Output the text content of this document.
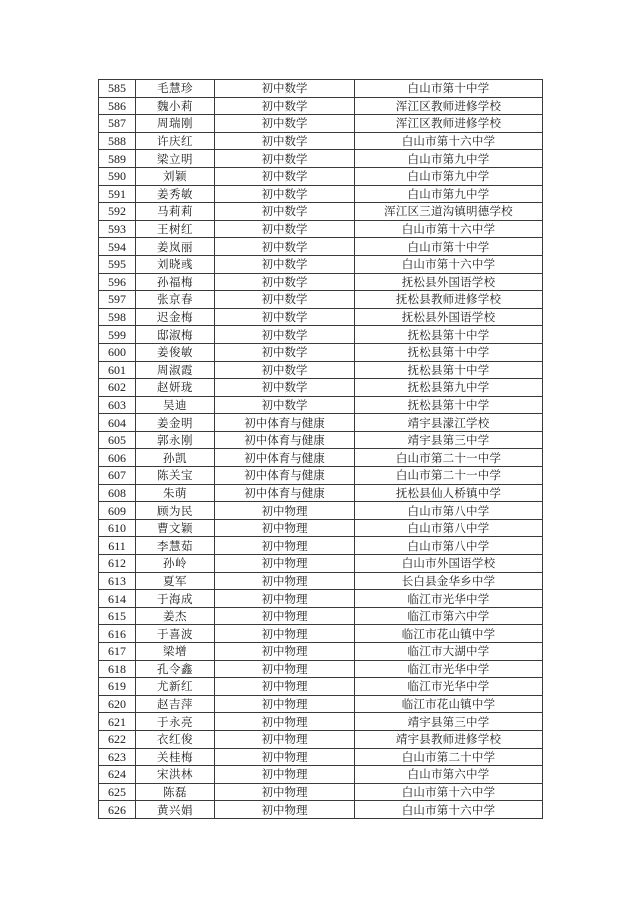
585	毛慧珍	初中数学	白山市第十中学
586	魏小莉	初中数学	浑江区教师进修学校
587	周瑞刚	初中数学	浑江区教师进修学校
588	许庆红	初中数学	白山市第十六中学
589	梁立明	初中数学	白山市第九中学
590	刘颖	初中数学	白山市第九中学
591	姜秀敏	初中数学	白山市第九中学
592	马莉莉	初中数学	浑江区三道沟镇明德学校
593	王树红	初中数学	白山市第十六中学
594	姜岚丽	初中数学	白山市第十中学
595	刘晓彧	初中数学	白山市第十六中学
596	孙福梅	初中数学	抚松县外国语学校
597	张京春	初中数学	抚松县教师进修学校
598	迟金梅	初中数学	抚松县外国语学校
599	邸淑梅	初中数学	抚松县第十中学
600	姜俊敏	初中数学	抚松县第十中学
601	周淑霞	初中数学	抚松县第十中学
602	赵妍珑	初中数学	抚松县第九中学
603	吴迪	初中数学	抚松县第十中学
604	姜金明	初中体育与健康	靖宇县濛江学校
605	郭永刚	初中体育与健康	靖宇县第三中学
606	孙凯	初中体育与健康	白山市第二十一中学
607	陈关宝	初中体育与健康	白山市第二十一中学
608	朱萌	初中体育与健康	抚松县仙人桥镇中学
609	顾为民	初中物理	白山市第八中学
610	曹文颖	初中物理	白山市第八中学
611	李慧茹	初中物理	白山市第八中学
612	孙岭	初中物理	白山市外国语学校
613	夏军	初中物理	长白县金华乡中学
614	于海成	初中物理	临江市光华中学
615	姜杰	初中物理	临江市第六中学
616	于喜波	初中物理	临江市花山镇中学
617	梁增	初中物理	临江市大湖中学
618	孔令鑫	初中物理	临江市光华中学
619	尤新红	初中物理	临江市光华中学
620	赵吉萍	初中物理	临江市花山镇中学
621	于永亮	初中物理	靖宇县第三中学
622	衣红俊	初中物理	靖宇县教师进修学校
623	关桂梅	初中物理	白山市第二十中学
624	宋洪林	初中物理	白山市第六中学
625	陈磊	初中物理	白山市第十六中学
626	黄兴娟	初中物理	白山市第十六中学
